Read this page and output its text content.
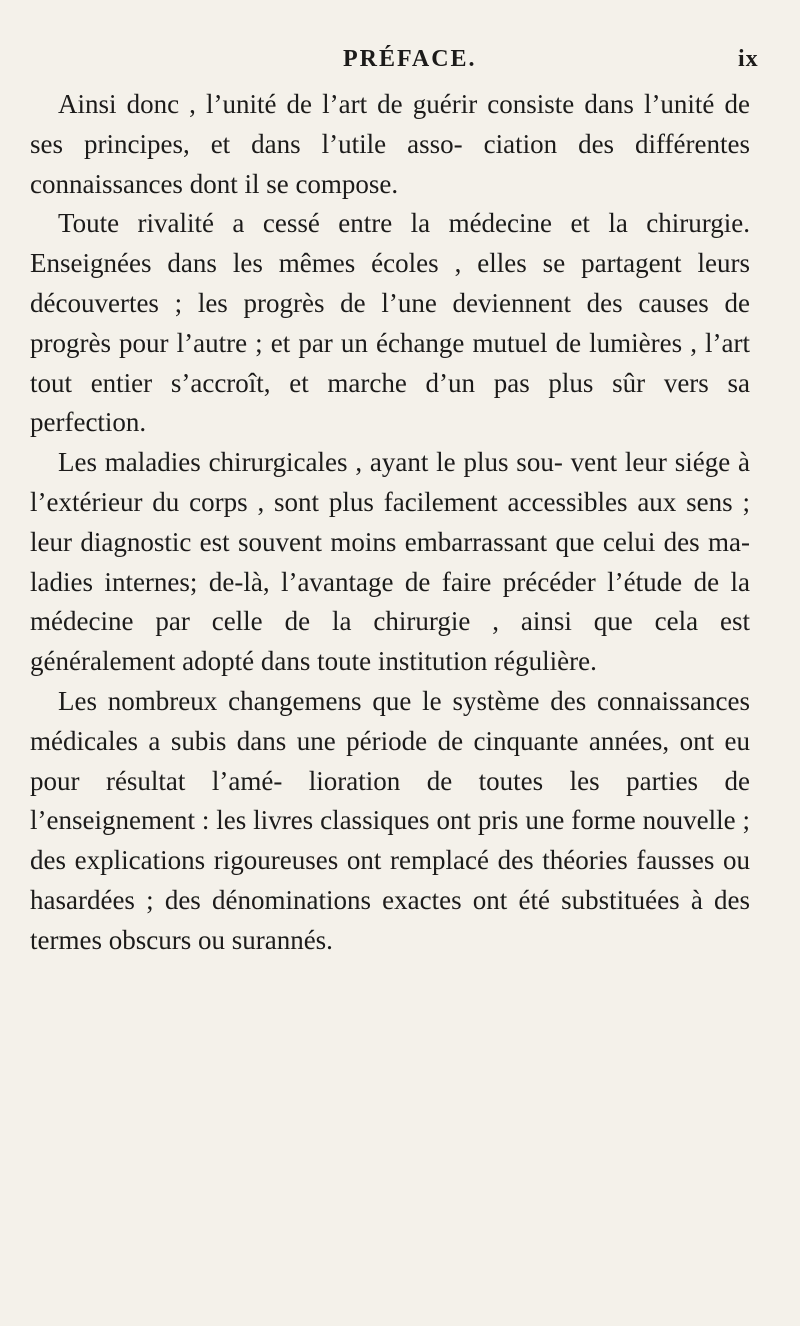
PRÉFACE.	ix

Ainsi donc , l’unité de l’art de guérir consiste dans l’unité de ses principes, et dans l’utile asso- ciation des différentes connaissances dont il se compose.

Toute rivalité a cessé entre la médecine et la chirurgie. Enseignées dans les mêmes écoles , elles se partagent leurs découvertes ; les progrès de l’une deviennent des causes de progrès pour l’autre ; et par un échange mutuel de lumières , l’art tout entier s’accroît, et marche d’un pas plus sûr vers sa perfection.

Les maladies chirurgicales , ayant le plus sou- vent leur siége à l’extérieur du corps , sont plus facilement accessibles aux sens ; leur diagnostic est souvent moins embarrassant que celui des ma- ladies internes; de-là, l’avantage de faire précéder l’étude de la médecine par celle de la chirurgie , ainsi que cela est généralement adopté dans toute institution régulière.

Les nombreux changemens que le système des connaissances médicales a subis dans une période de cinquante années, ont eu pour résultat l’amé- lioration de toutes les parties de l’enseignement : les livres classiques ont pris une forme nouvelle ; des explications rigoureuses ont remplacé des théories fausses ou hasardées ; des dénominations exactes ont été substituées à des termes obscurs ou surannés.
